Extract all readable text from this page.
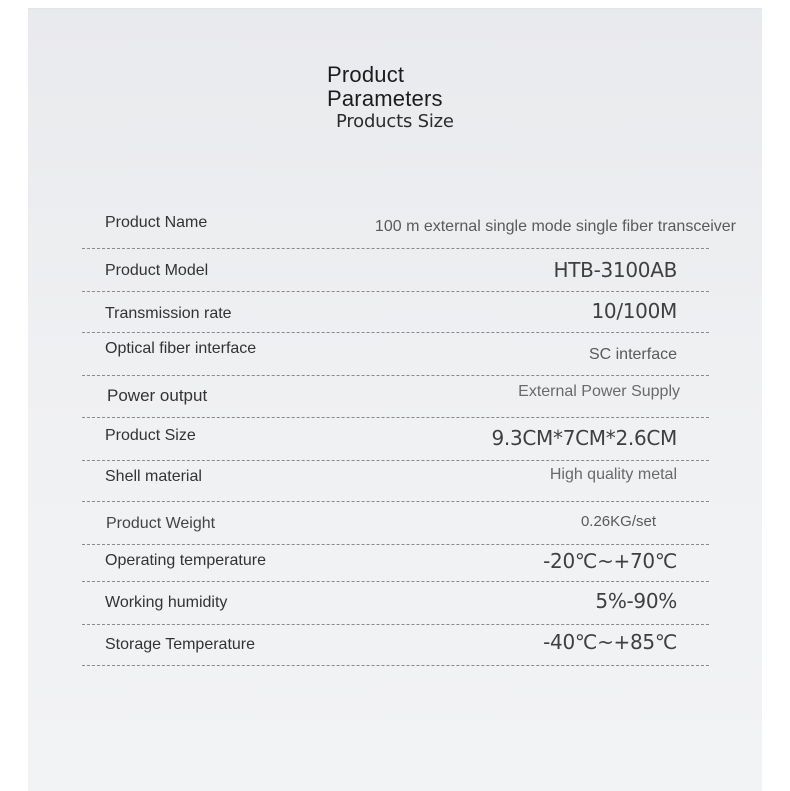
Product
Parameters
Products Size
Product Name	100 m external single mode single fiber transceiver
Product Model	HTB-3100AB
Transmission rate	10/100M
Optical fiber interface	SC interface
Power output	External Power Supply
Product Size	9.3CM*7CM*2.6CM
Shell material	High quality metal
Product Weight	0.26KG/set
Operating temperature	-20℃~+70℃
Working humidity	5%-90%
Storage Temperature	-40℃~+85℃
